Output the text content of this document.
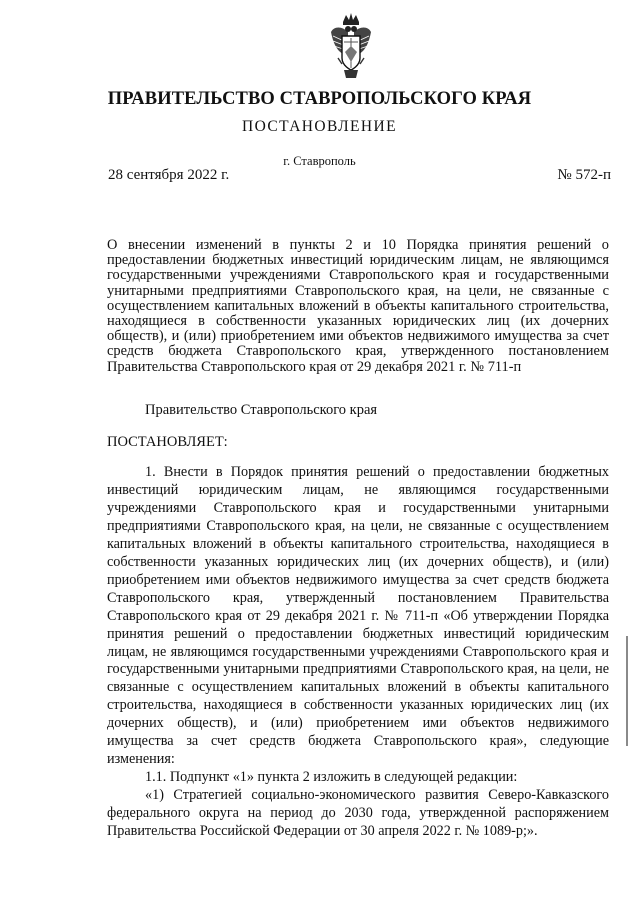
ПРАВИТЕЛЬСТВО СТАВРОПОЛЬСКОГО КРАЯ
ПОСТАНОВЛЕНИЕ
г. Ставрополь
28 сентября 2022 г.	№ 572-п
О внесении изменений в пункты 2 и 10 Порядка принятия решений о предоставлении бюджетных инвестиций юридическим лицам, не являющимся государственными учреждениями Ставропольского края и государственными унитарными предприятиями Ставропольского края, на цели, не связанные с осуществлением капитальных вложений в объекты капитального строительства, находящиеся в собственности указанных юридических лиц (их дочерних обществ), и (или) приобретением ими объектов недвижимого имущества за счет средств бюджета Ставропольского края, утвержденного постановлением Правительства Ставропольского края от 29 декабря 2021 г. № 711-п
Правительство Ставропольского края
ПОСТАНОВЛЯЕТ:

1. Внести в Порядок принятия решений о предоставлении бюджетных инвестиций юридическим лицам, не являющимся государственными учреждениями Ставропольского края и государственными унитарными предприятиями Ставропольского края, на цели, не связанные с осуществлением капитальных вложений в объекты капитального строительства, находящиеся в собственности указанных юридических лиц (их дочерних обществ), и (или) приобретением ими объектов недвижимого имущества за счет средств бюджета Ставропольского края, утвержденный постановлением Правительства Ставропольского края от 29 декабря 2021 г. № 711-п «Об утверждении Порядка принятия решений о предоставлении бюджетных инвестиций юридическим лицам, не являющимся государственными учреждениями Ставропольского края и государственными унитарными предприятиями Ставропольского края, на цели, не связанные с осуществлением капитальных вложений в объекты капитального строительства, находящиеся в собственности указанных юридических лиц (их дочерних обществ), и (или) приобретением ими объектов недвижимого имущества за счет средств бюджета Ставропольского края», следующие изменения:

1.1. Подпункт «1» пункта 2 изложить в следующей редакции:

«1) Стратегией социально-экономического развития Северо-Кавказского федерального округа на период до 2030 года, утвержденной распоряжением Правительства Российской Федерации от 30 апреля 2022 г. № 1089-р;».
